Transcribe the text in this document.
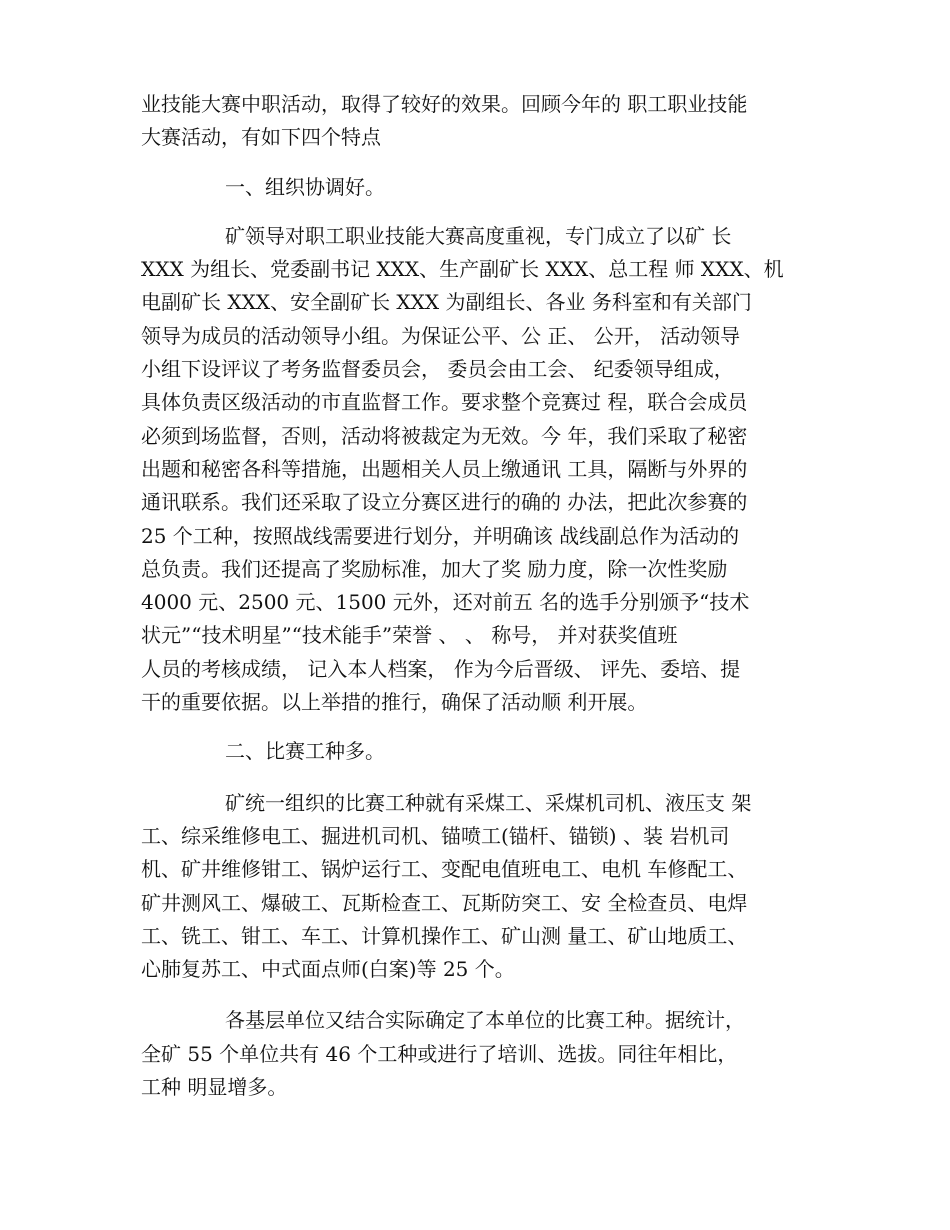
业技能大赛中职活动，取得了较好的效果。回顾今年的 职工职业技能
大赛活动，有如下四个特点

一、组织协调好。

矿领导对职工职业技能大赛高度重视，专门成立了以矿 长
XXX 为组长、党委副书记 XXX、生产副矿长 XXX、总工程 师 XXX、机
电副矿长 XXX、安全副矿长 XXX 为副组长、各业 务科室和有关部门
领导为成员的活动领导小组。为保证公平、公 正、 公开， 活动领导
小组下设评议了考务监督委员会， 委员会由工会、 纪委领导组成，
具体负责区级活动的市直监督工作。要求整个竞赛过 程，联合会成员
必须到场监督，否则，活动将被裁定为无效。今 年，我们采取了秘密
出题和秘密各科等措施，出题相关人员上缴通讯 工具，隔断与外界的
通讯联系。我们还采取了设立分赛区进行的确的 办法，把此次参赛的
25 个工种，按照战线需要进行划分，并明确该 战线副总作为活动的
总负责。我们还提高了奖励标准，加大了奖 励力度，除一次性奖励
4000 元、2500 元、1500 元外，还对前五 名的选手分别颁予“技术
状元”“技术明星”“技术能手”荣誉 、 、 称号， 并对获奖值班
人员的考核成绩， 记入本人档案， 作为今后晋级、 评先、委培、提
干的重要依据。以上举措的推行，确保了活动顺 利开展。

二、比赛工种多。

矿统一组织的比赛工种就有采煤工、采煤机司机、液压支 架
工、综采维修电工、掘进机司机、锚喷工(锚杆、锚锁) 、装 岩机司
机、矿井维修钳工、锅炉运行工、变配电值班电工、电机 车修配工、
矿井测风工、爆破工、瓦斯检查工、瓦斯防突工、安 全检查员、电焊
工、铣工、钳工、车工、计算机操作工、矿山测 量工、矿山地质工、
心肺复苏工、中式面点师(白案)等 25 个。

各基层单位又结合实际确定了本单位的比赛工种。据统计，
全矿 55 个单位共有 46 个工种或进行了培训、选拔。同往年相比，
工种 明显增多。
